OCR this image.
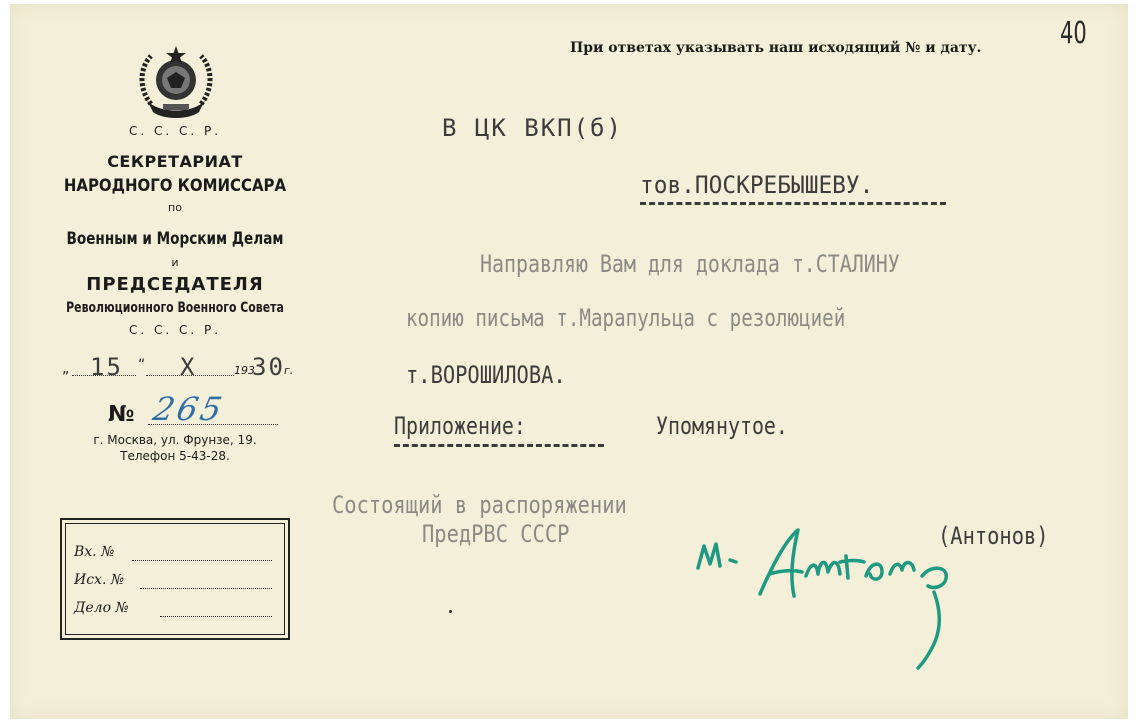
С. С. С. Р.
СЕКРЕТАРИАТ
НАРОДНОГО КОМИССАРА
по
Военным и Морским Делам
и
ПРЕДСЕДАТЕЛЯ
Революционного Военного Совета
С. С. С. Р.
„ 15 “ X	193
30 г.
№ 265
г. Москва, ул. Фрунзе, 19.
Телефон 5-43-28.
Вх. №
Исх. №
Дело №
При ответах указывать наш исходящий № и дату.	40
В ЦК ВКП(б)
тов.ПОСКРЕБЫШЕВУ.
Направляю Вам для доклада т.СТАЛИНУ
копию письма т.Марапульца с резолюцией
т.ВОРОШИЛОВА.
Приложение:	Упомянутое.
Состоящий в распоряжении
ПредРВС СССР	(Антонов)
